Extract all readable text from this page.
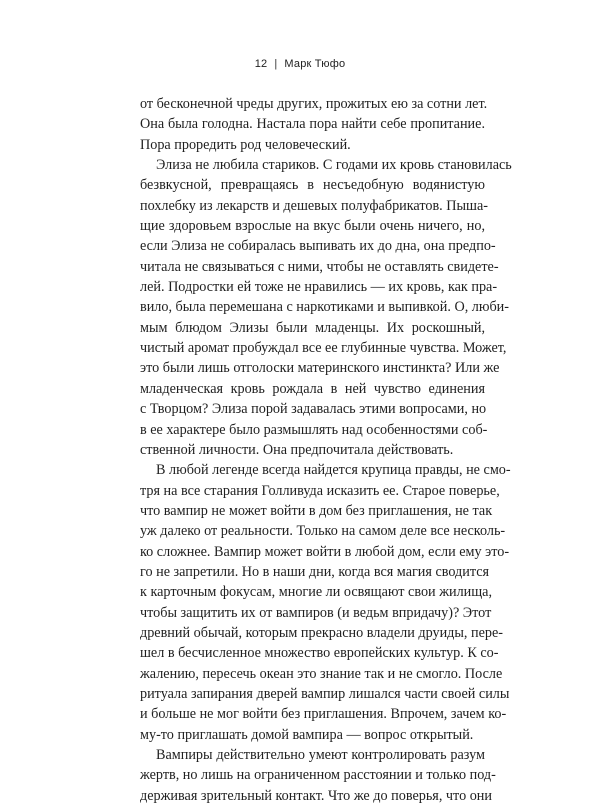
12 | Марк Тюфо
от бесконечной чреды других, прожитых ею за сотни лет.
Она была голодна. Настала пора найти себе пропитание.
Пора проредить род человеческий.
Элиза не любила стариков. С годами их кровь становилась
безвкусной, превращаясь в несъедобную водянистую
похлебку из лекарств и дешевых полуфабрикатов. Пыша-
щие здоровьем взрослые на вкус были очень ничего, но,
если Элиза не собиралась выпивать их до дна, она предпо-
читала не связываться с ними, чтобы не оставлять свидете-
лей. Подростки ей тоже не нравились — их кровь, как пра-
вило, была перемешана с наркотиками и выпивкой. О, люби-
мым блюдом Элизы были младенцы. Их роскошный,
чистый аромат пробуждал все ее глубинные чувства. Может,
это были лишь отголоски материнского инстинкта? Или же
младенческая кровь рождала в ней чувство единения
с Творцом? Элиза порой задавалась этими вопросами, но
в ее характере было размышлять над особенностями соб-
ственной личности. Она предпочитала действовать.
В любой легенде всегда найдется крупица правды, не смо-
тря на все старания Голливуда исказить ее. Старое поверье,
что вампир не может войти в дом без приглашения, не так
уж далеко от реальности. Только на самом деле все несколь-
ко сложнее. Вампир может войти в любой дом, если ему это-
го не запретили. Но в наши дни, когда вся магия сводится
к карточным фокусам, многие ли освящают свои жилища,
чтобы защитить их от вампиров (и ведьм впридачу)? Этот
древний обычай, которым прекрасно владели друиды, пере-
шел в бесчисленное множество европейских культур. К со-
жалению, пересечь океан это знание так и не смогло. После
ритуала запирания дверей вампир лишался части своей силы
и больше не мог войти без приглашения. Впрочем, зачем ко-
му-то приглашать домой вампира — вопрос открытый.
Вампиры действительно умеют контролировать разум
жертв, но лишь на ограниченном расстоянии и только под-
держивая зрительный контакт. Что же до поверья, что они
